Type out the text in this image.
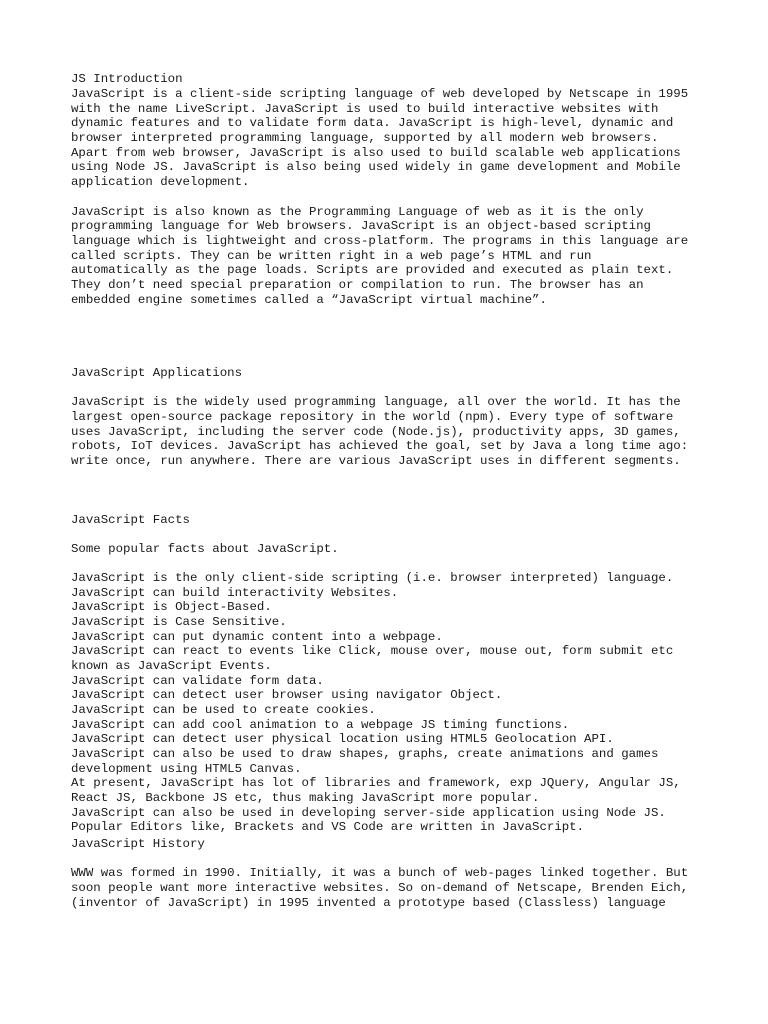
JS Introduction

JavaScript is a client-side scripting language of web developed by Netscape in 1995

with the name LiveScript. JavaScript is used to build interactive websites with

dynamic features and to validate form data. JavaScript is high-level, dynamic and

browser interpreted programming language, supported by all modern web browsers.

Apart from web browser, JavaScript is also used to build scalable web applications

using Node JS. JavaScript is also being used widely in game development and Mobile

application development.

JavaScript is also known as the Programming Language of web as it is the only

programming language for Web browsers. JavaScript is an object-based scripting

language which is lightweight and cross-platform. The programs in this language are

called scripts. They can be written right in a web page’s HTML and run

automatically as the page loads. Scripts are provided and executed as plain text.

They don’t need special preparation or compilation to run. The browser has an

embedded engine sometimes called a “JavaScript virtual machine”.

JavaScript Applications

JavaScript is the widely used programming language, all over the world. It has the

largest open-source package repository in the world (npm). Every type of software

uses JavaScript, including the server code (Node.js), productivity apps, 3D games,

robots, IoT devices. JavaScript has achieved the goal, set by Java a long time ago:

write once, run anywhere. There are various JavaScript uses in different segments.

JavaScript Facts

Some popular facts about JavaScript.

JavaScript is the only client-side scripting (i.e. browser interpreted) language.

JavaScript can build interactivity Websites.

JavaScript is Object-Based.

JavaScript is Case Sensitive.

JavaScript can put dynamic content into a webpage.

JavaScript can react to events like Click, mouse over, mouse out, form submit etc

known as JavaScript Events.

JavaScript can validate form data.

JavaScript can detect user browser using navigator Object.

JavaScript can be used to create cookies.

JavaScript can add cool animation to a webpage JS timing functions.

JavaScript can detect user physical location using HTML5 Geolocation API.

JavaScript can also be used to draw shapes, graphs, create animations and games

development using HTML5 Canvas.

At present, JavaScript has lot of libraries and framework, exp JQuery, Angular JS,

React JS, Backbone JS etc, thus making JavaScript more popular.

JavaScript can also be used in developing server-side application using Node JS.

Popular Editors like, Brackets and VS Code are written in JavaScript.

JavaScript History

WWW was formed in 1990. Initially, it was a bunch of web-pages linked together. But

soon people want more interactive websites. So on-demand of Netscape, Brenden Eich,

(inventor of JavaScript) in 1995 invented a prototype based (Classless) language
